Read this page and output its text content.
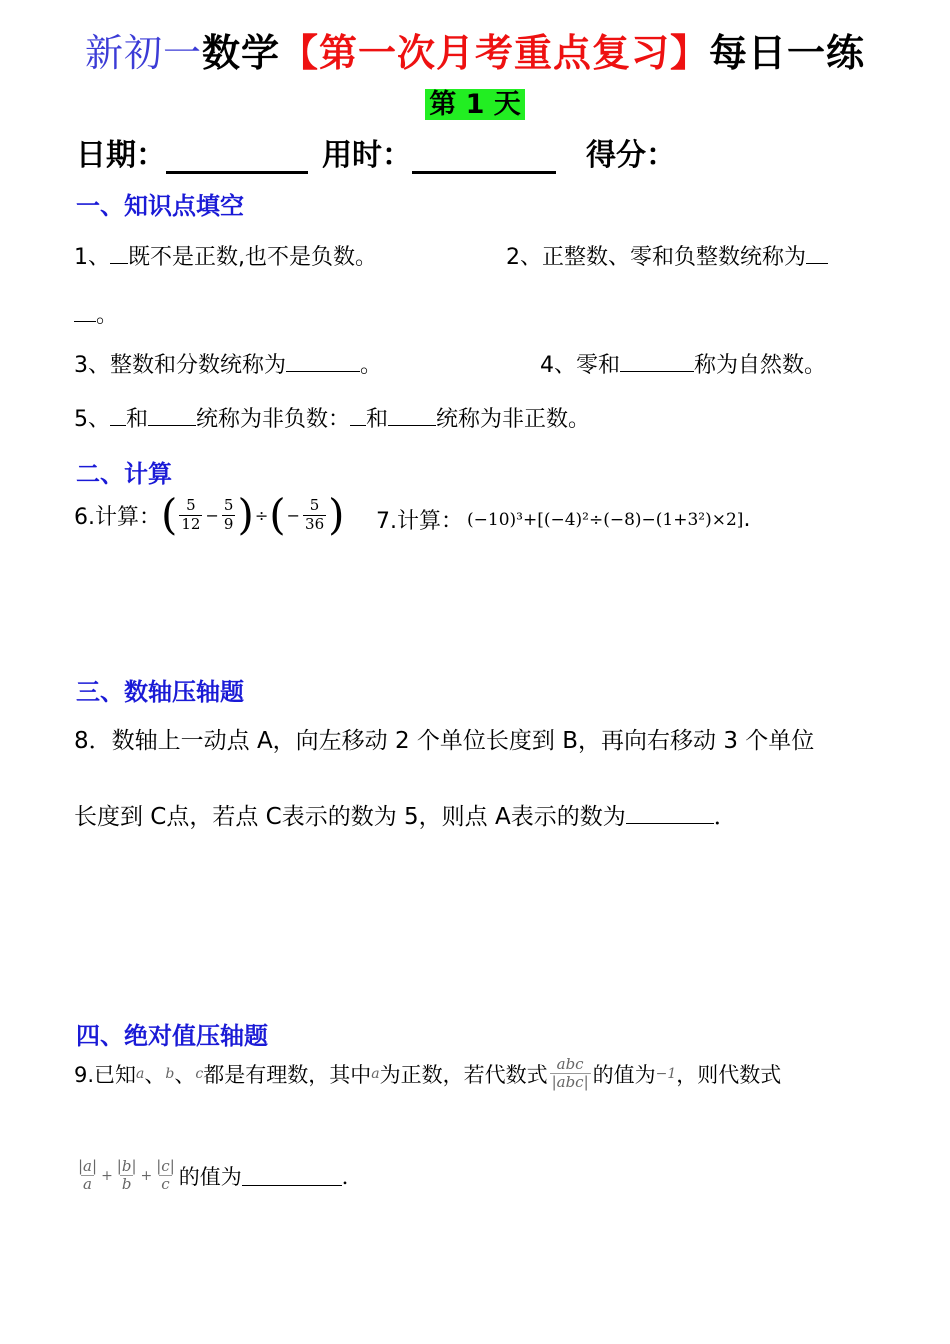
新初一数学【第一次月考重点复习】每日一练
第 1 天
日期：	用时：	得分：
一、知识点填空
1、 既不是正数,也不是负数。	2、正整数、零和负整数统称为
。
3、整数和分数统称为	。	4、零和	称为自然数。
5、 和 统称为非负数： 和 统称为非正数。
二、计算
6.计算： ( $\frac{5}{12} - \frac{5}{9}$ ) ÷ ( − $\frac{5}{36}$ ) 7.计算： (−10)³+[(−4)²÷(−8)−(1+3²)×2] .
三、数轴压轴题
8．数轴上一动点 A，向左移动 2 个单位长度到 B，再向右移动 3 个单位
长度到 C点，若点 C表示的数为 5，则点 A表示的数为	．
四、绝对值压轴题
9.已知 a 、 b 、 c 都是有理数，其中 a 为正数，若代数式 $\frac{\text{abc}}{\text{|abc|}}$ 的值为 −1 ，则代数式
$\frac{|a|}{a} + \frac{|b|}{b} + \frac{|c|}{c}$ 的值为	．
